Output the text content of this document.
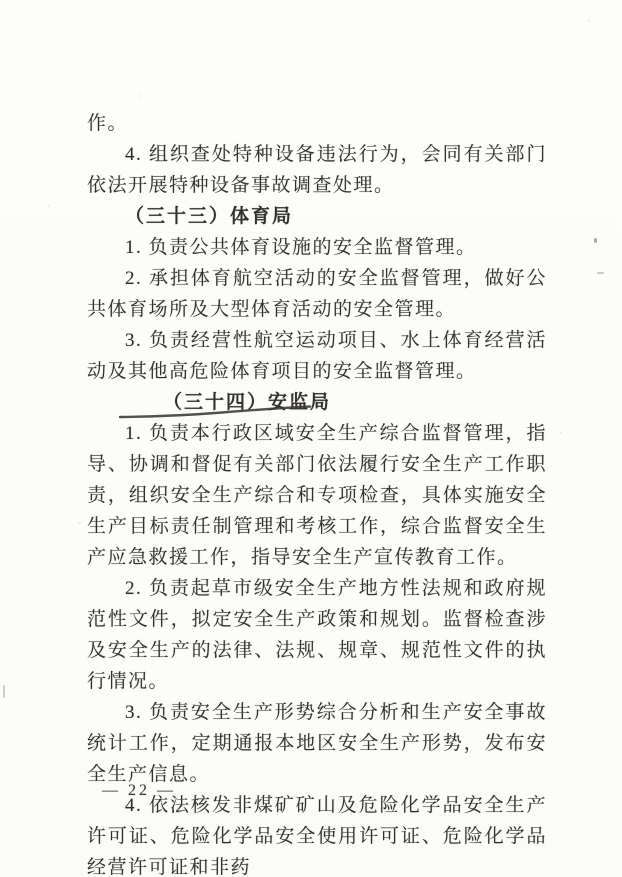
作。

4. 组织查处特种设备违法行为，会同有关部门依法开展特种设备事故调查处理。

（三十三）体育局

1. 负责公共体育设施的安全监督管理。

2. 承担体育航空活动的安全监督管理，做好公共体育场所及大型体育活动的安全管理。

3. 负责经营性航空运动项目、水上体育经营活动及其他高危险体育项目的安全监督管理。

（三十四）安监局

1. 负责本行政区域安全生产综合监督管理，指导、协调和督促有关部门依法履行安全生产工作职责，组织安全生产综合和专项检查，具体实施安全生产目标责任制管理和考核工作，综合监督安全生产应急救援工作，指导安全生产宣传教育工作。

2. 负责起草市级安全生产地方性法规和政府规范性文件，拟定安全生产政策和规划。监督检查涉及安全生产的法律、法规、规章、规范性文件的执行情况。

3. 负责安全生产形势综合分析和生产安全事故统计工作，定期通报本地区安全生产形势，发布安全生产信息。

4. 依法核发非煤矿矿山及危险化学品安全生产许可证、危险化学品安全使用许可证、危险化学品经营许可证和非药

— 22 —
